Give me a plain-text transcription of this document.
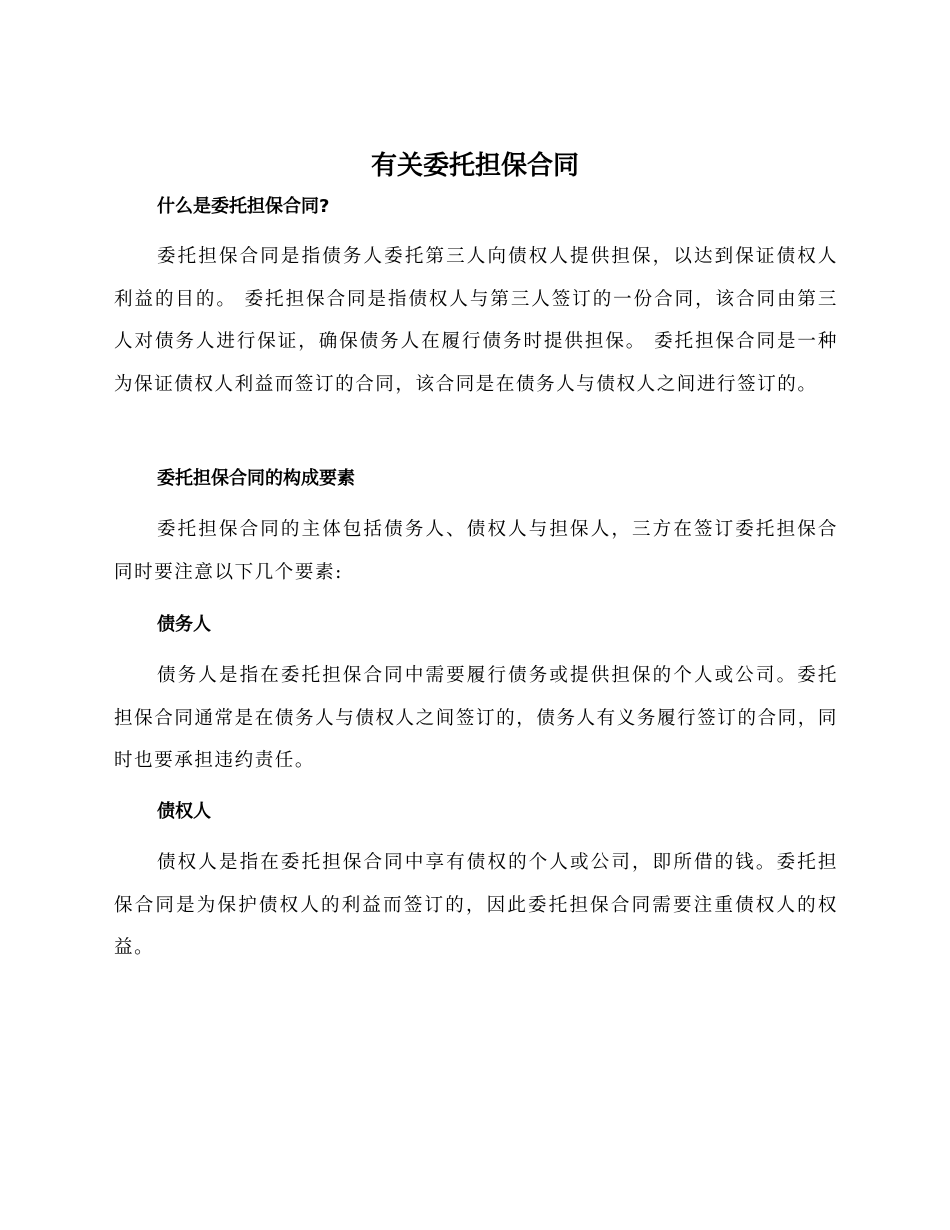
有关委托担保合同
什么是委托担保合同?
委托担保合同是指债务人委托第三人向债权人提供担保，以达到保证债权人利益的目的。 委托担保合同是指债权人与第三人签订的一份合同，该合同由第三人对债务人进行保证，确保债务人在履行债务时提供担保。 委托担保合同是一种为保证债权人利益而签订的合同，该合同是在债务人与债权人之间进行签订的。
委托担保合同的构成要素
委托担保合同的主体包括债务人、债权人与担保人，三方在签订委托担保合同时要注意以下几个要素:
债务人
债务人是指在委托担保合同中需要履行债务或提供担保的个人或公司。委托担保合同通常是在债务人与债权人之间签订的，债务人有义务履行签订的合同，同时也要承担违约责任。
债权人
债权人是指在委托担保合同中享有债权的个人或公司，即所借的钱。委托担保合同是为保护债权人的利益而签订的，因此委托担保合同需要注重债权人的权益。
